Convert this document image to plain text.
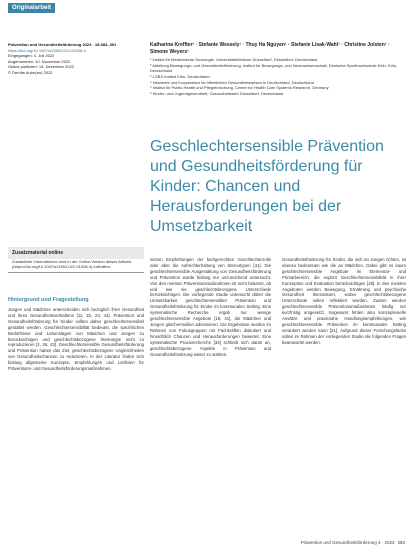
Originalarbeit
Prävention und Gesundheitsförderung 2023 · 18:383–391
https://doi.org/10.1007/s11553-022-01006-4
Eingegangen: 4. Juli 2022
Angenommen: 10. November 2022
Online publiziert: 19. Dezember 2022
© Der/die Autor(en) 2022
Katharina Kreffter¹ · Stefanie Wessely¹ · Thuy Ha Nguyen¹ · Stefanie Lisak-Wahl¹ · Christine Joisten¹ · Simone Weyers¹
¹ Institut für Medizinische Soziologie, Universitätsklinikum Düsseldorf, Düsseldorf, Deutschland
² Abteilung Bewegungs- und Gesundheitsförderung, Institut für Bewegungs- und Neurowissenschaft, Deutsche Sporthochschule Köln, Köln, Deutschland
³ LGBS Institut Köln, Deutschland
⁴ Netzwerk und Kooperation im öffentlichen Gesundheitswesen in Deutschland, Deutschland
⁵ Institut für Public Health und Pflegeforschung, Center for Health Care Systems Research, Germany
⁶ Kinder- und Jugendgesundheit, Gesundheitsamt Düsseldorf, Deutschland
Geschlechtersensible Prävention und Gesundheitsförderung für Kinder: Chancen und Herausforderungen bei der Umsetzbarkeit
Zusatzmaterial online
Zusätzliche Informationen sind in der Online-Version dieses Artikels (https://doi.org/10.1007/s11553-022-01006-4) enthalten.
Hintergrund und Fragestellung

Jungen und Mädchen unterscheiden sich bezüglich ihrer Gesundheit und ihres Gesundheitsverhaltens [11, 22, 23, 44]. Prävention und Gesundheitsförderung für Kinder sollten daher geschlechtersensibel gestaltet werden. Geschlechtersensibilität bedeutet, die spezifischen Bedürfnisse und Lebenslagen von Mädchen und Jungen zu berücksichtigen und geschlechtsbezogene Stereotype nicht zu reproduzieren [2, 26, 43]. Geschlechtersensible Gesundheitsförderung und Prävention haben das Ziel, geschlechtsbezogene Ungleichheiten von Gesundheitschancen zu reduzieren. In der Literatur finden sich bislang allgemeine Konzepte, Empfehlungen und Leitlinien für Präventions- und Gesundheitsförderungsmaßnahmen.

setzen Empfehlungen der fachgerechten Geschlechterrolle oder aber die Aufrechterhaltung von Stereotypen [31]. Die geschlechtersensible Ausgestaltung von Gesundheitsförderung und Prävention wurde bislang nur unzureichend untersucht. Von den meisten Präventionsmaßnahmen ist nicht bekannt, ob und wie sie geschlechtsbezogene Unterschiede berücksichtigen. Die vorliegende Studie untersucht daher die Umsetzbarkeit geschlechtersensibler Prävention und Gesundheitsförderung für Kinder im kommunalen Setting. Eine systematische Recherche ergab nur wenige geschlechtersensible Angebote [18, 41], die Mädchen und Jungen gleichermaßen adressieren. Die Ergebnisse wurden im Rahmen von Fokusgruppen mit Fachkräften diskutiert und hinsichtlich Chancen und Herausforderungen bewertet. Eine systematische Praxisrecherche [33] schließt sich daran an, geschlechtsbezogene Aspekte in Prävention und Gesundheitsförderung weiter zu stärken.

Gesundheitsförderung für Kinder, die sich an Jungen richten, ist ebenso bedeutsam wie die an Mädchen. Dabei gibt es kaum geschlechtersensible Angebote im Elementar- und Primarbereich, die explizit Geschlechtersensibilität in ihrer Konzeption und Evaluation berücksichtigen [28]. In den meisten Angeboten werden Bewegung, Ernährung und psychische Gesundheit thematisiert, wobei geschlechtsbezogene Unterschiede selten reflektiert werden. Zudem werden geschlechtersensible Präventionsmaßnahmen häufig nur kurzfristig umgesetzt. Insgesamt fehlen also konzeptionelle Ansätze und praxisnahe Handlungsempfehlungen, wie geschlechtersensible Prävention im kommunalen Setting verankert werden kann [21]. Aufgrund dieser Forschungslücke sollen im Rahmen der vorliegenden Studie die folgenden Fragen beantwortet werden.

Prävention und Gesundheitsförderung 4 · 2023 383
